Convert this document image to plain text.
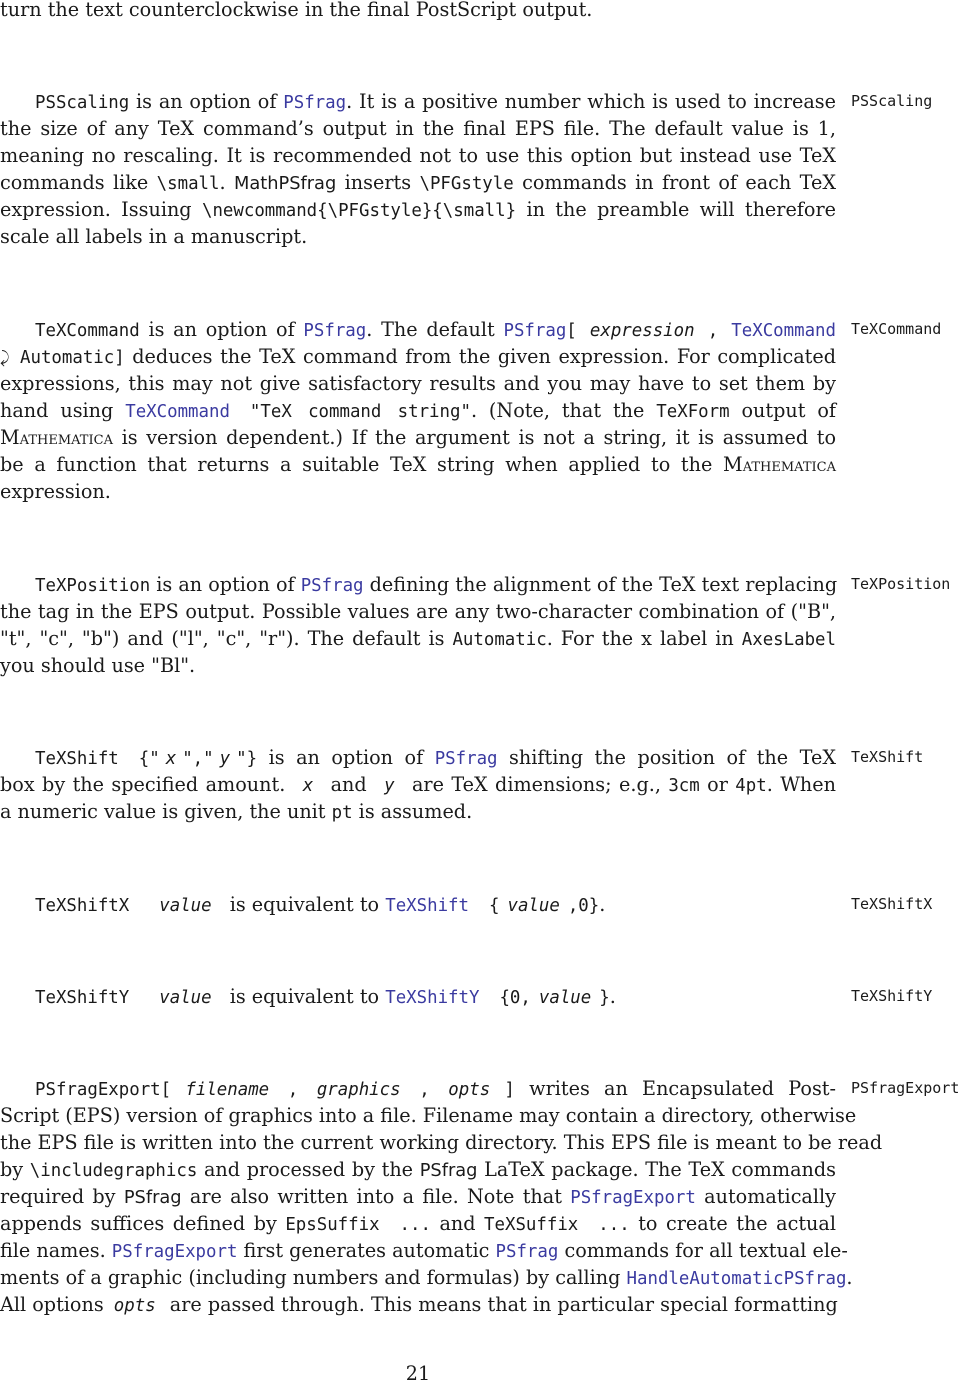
turn the text counterclockwise in the final PostScript output.
PSScaling is an option of PSfrag. It is a positive number which is used to increase PSScaling
the size of any TeX command’s output in the final EPS file. The default value is 1,
meaning no rescaling. It is recommended not to use this option but instead use TeX
commands like \small. MathPSfrag inserts \PFGstyle commands in front of each TeX
expression. Issuing \newcommand{\PFGstyle}{\small} in the preamble will therefore
scale all labels in a manuscript.
TeXCommand is an option of PSfrag. The default PSfrag[ expression , TeXCommand TeXCommand
⤸ Automatic] deduces the TeX command from the given expression. For complicated
expressions, this may not give satisfactory results and you may have to set them by
hand using TeXCommand "TeX command string". (Note, that the TeXForm output of
Mathematica is version dependent.) If the argument is not a string, it is assumed to
be a function that returns a suitable TeX string when applied to the Mathematica
expression.
TeXPosition is an option of PSfrag defining the alignment of the TeX text replacing TeXPosition
the tag in the EPS output. Possible values are any two-character combination of ("B",
"t", "c", "b") and ("l", "c", "r"). The default is Automatic. For the x label in AxesLabel
you should use "Bl".
TeXShift {" x "," y "} is an option of PSfrag shifting the position of the TeX TeXShift
box by the specified amount. x and y are TeX dimensions; e.g., 3cm or 4pt. When
a numeric value is given, the unit pt is assumed.
TeXShiftX value is equivalent to TeXShift { value ,0}.	TeXShiftX
TeXShiftY value is equivalent to TeXShiftY {0, value }.	TeXShiftY
PSfragExport[ filename , graphics , opts ] writes an Encapsulated Post- PSfragExport
Script (EPS) version of graphics into a file. Filename may contain a directory, otherwise
the EPS file is written into the current working directory. This EPS file is meant to be read
by \includegraphics and processed by the PSfrag LaTeX package. The TeX commands
required by PSfrag are also written into a file. Note that PSfragExport automatically
appends suffices defined by EpsSuffix ... and TeXSuffix ... to create the actual
file names. PSfragExport first generates automatic PSfrag commands for all textual ele-
ments of a graphic (including numbers and formulas) by calling HandleAutomaticPSfrag.
All options opts are passed through. This means that in particular special formatting
21
